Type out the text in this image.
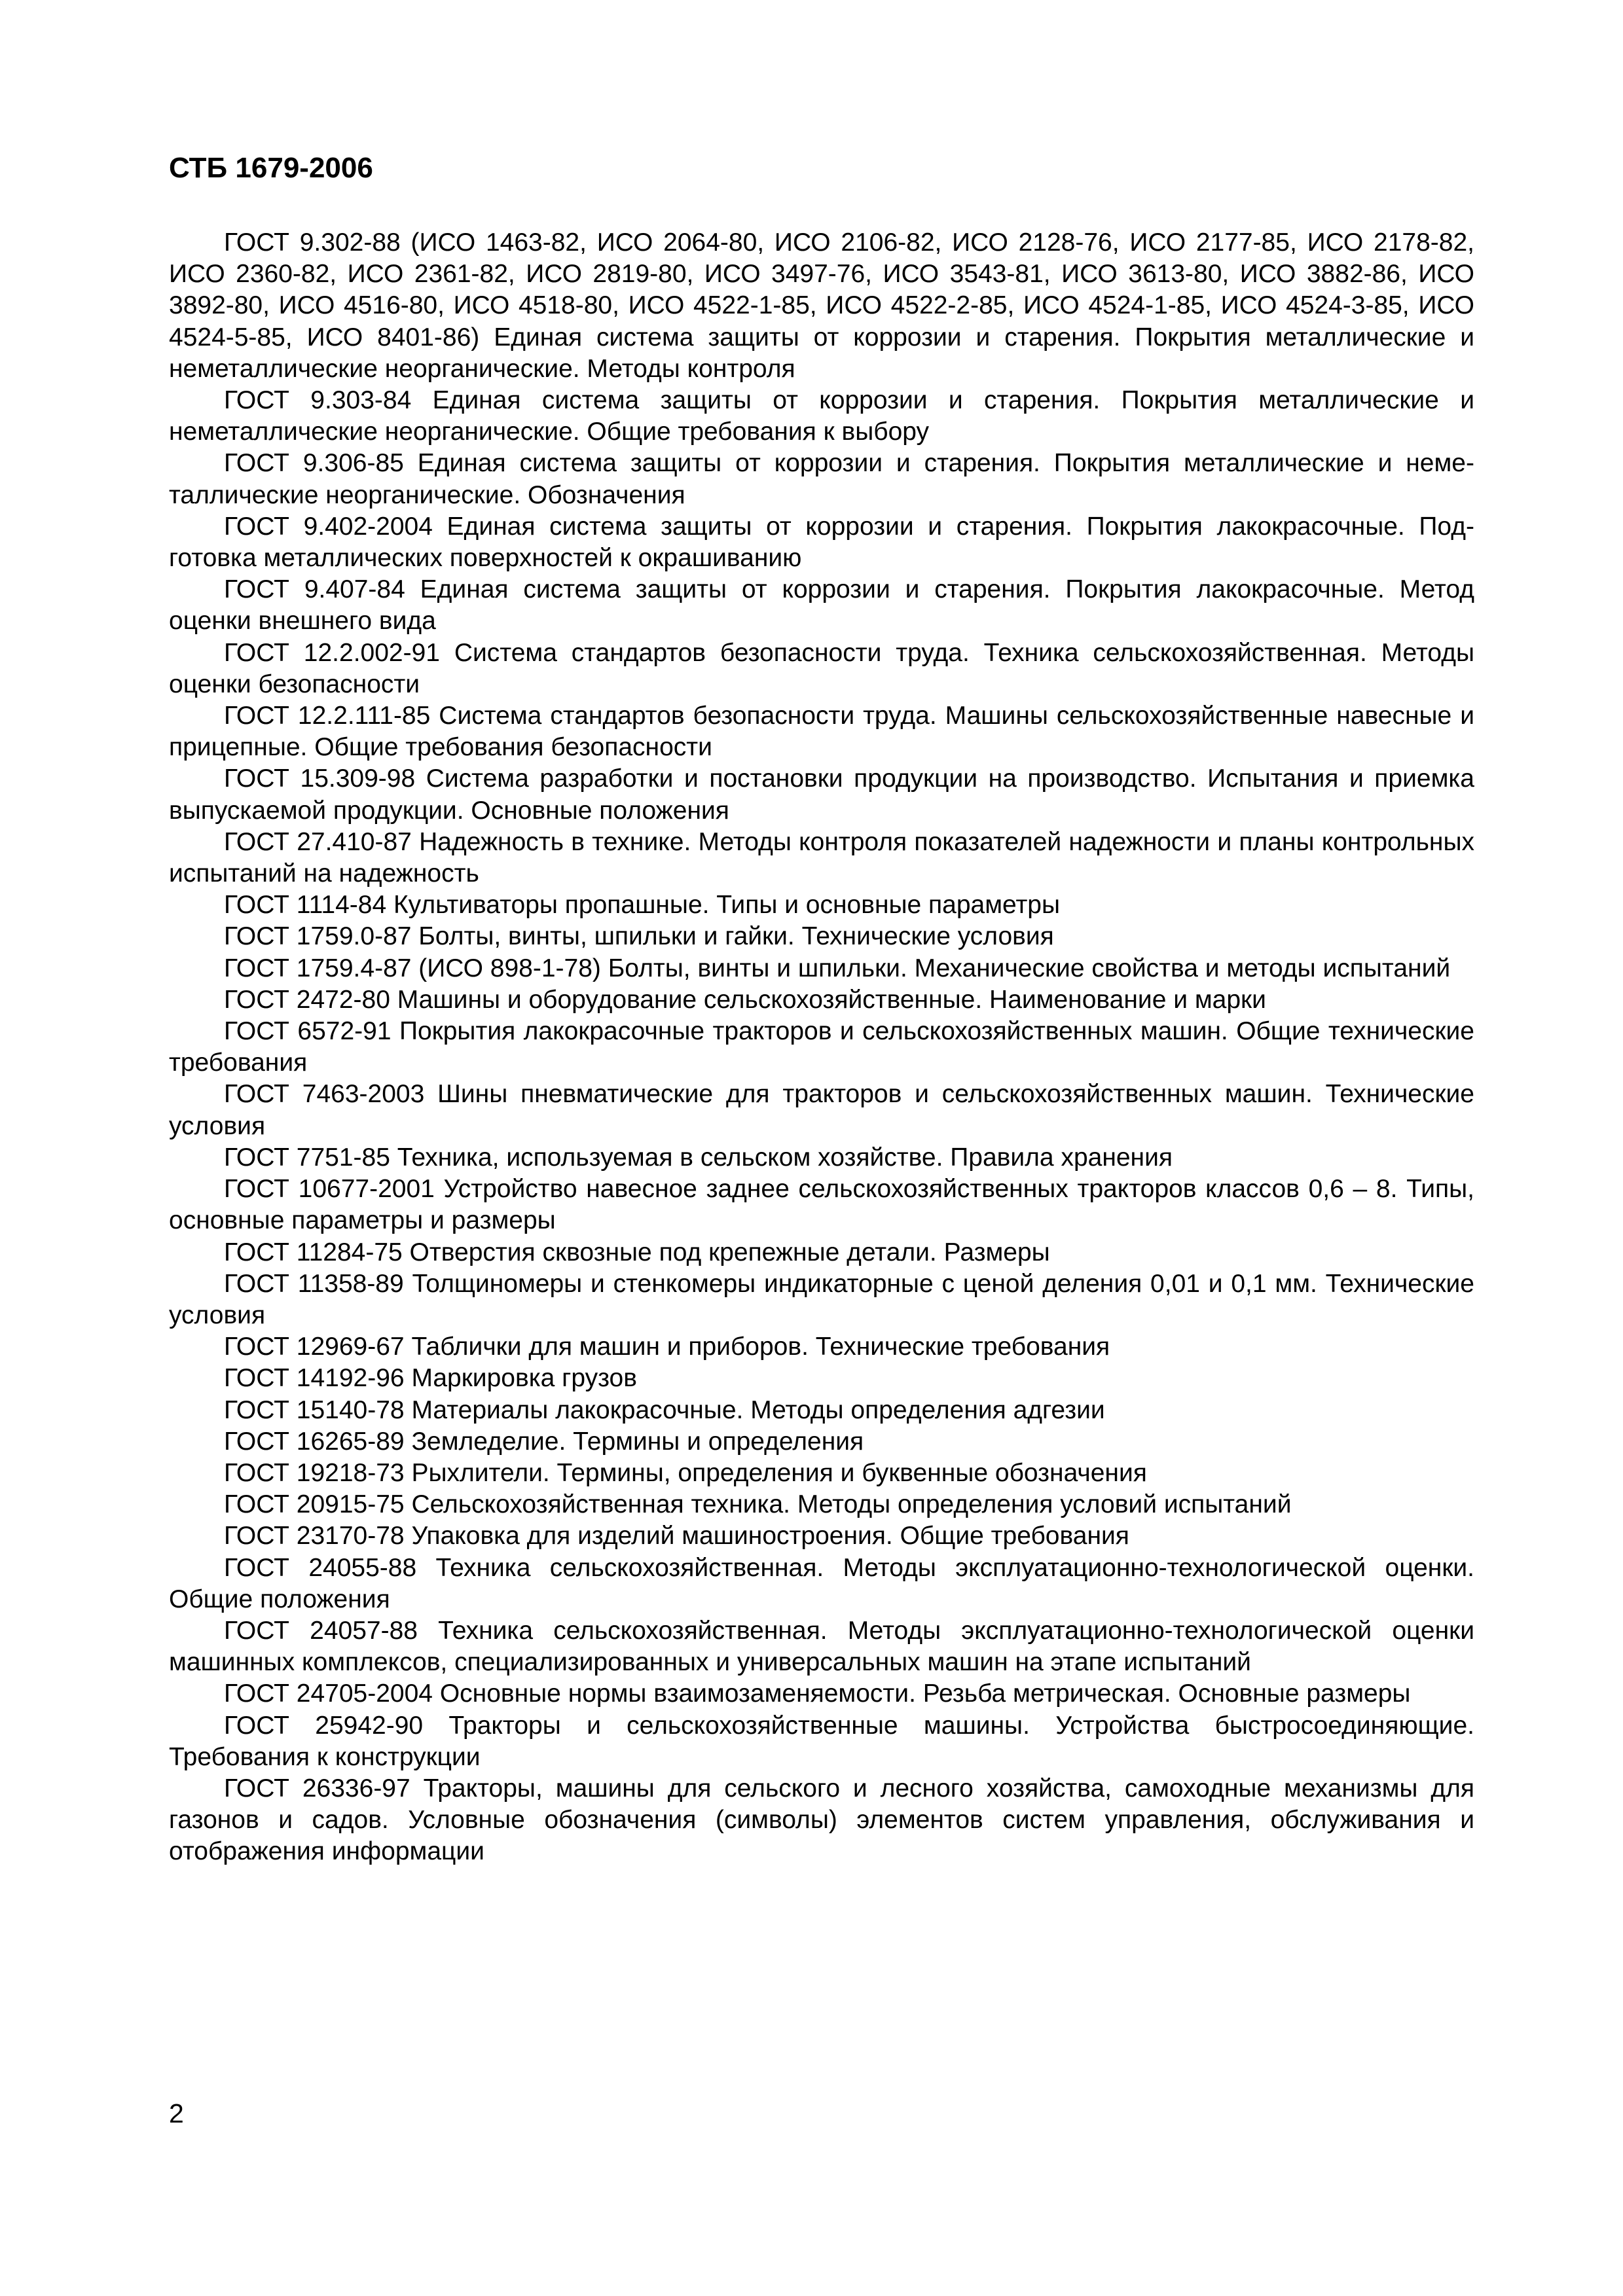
СТБ 1679-2006

ГОСТ 9.302-88 (ИСО 1463-82, ИСО 2064-80, ИСО 2106-82, ИСО 2128-76, ИСО 2177-85, ИСО 2178-82, ИСО 2360-82, ИСО 2361-82, ИСО 2819-80, ИСО 3497-76, ИСО 3543-81, ИСО 3613-80, ИСО 3882-86, ИСО 3892-80, ИСО 4516-80, ИСО 4518-80, ИСО 4522-1-85, ИСО 4522-2-85, ИСО 4524-1-85, ИСО 4524-3-85, ИСО 4524-5-85, ИСО 8401-86) Единая система защиты от коррозии и старения. Покрытия металлические и неметаллические неорганические. Методы контроля

ГОСТ 9.303-84 Единая система защиты от коррозии и старения. Покрытия металлические и неметаллические неорганические. Общие требования к выбору

ГОСТ 9.306-85 Единая система защиты от коррозии и старения. Покрытия металлические и неметаллические неорганические. Обозначения

ГОСТ 9.402-2004 Единая система защиты от коррозии и старения. Покрытия лакокрасочные. Подготовка металлических поверхностей к окрашиванию

ГОСТ 9.407-84 Единая система защиты от коррозии и старения. Покрытия лакокрасочные. Метод оценки внешнего вида

ГОСТ 12.2.002-91 Система стандартов безопасности труда. Техника сельскохозяйственная. Методы оценки безопасности

ГОСТ 12.2.111-85 Система стандартов безопасности труда. Машины сельскохозяйственные навесные и прицепные. Общие требования безопасности

ГОСТ 15.309-98 Система разработки и постановки продукции на производство. Испытания и приемка выпускаемой продукции. Основные положения

ГОСТ 27.410-87 Надежность в технике. Методы контроля показателей надежности и планы контрольных испытаний на надежность

ГОСТ 1114-84 Культиваторы пропашные. Типы и основные параметры

ГОСТ 1759.0-87 Болты, винты, шпильки и гайки. Технические условия

ГОСТ 1759.4-87 (ИСО 898-1-78) Болты, винты и шпильки. Механические свойства и методы испытаний

ГОСТ 2472-80 Машины и оборудование сельскохозяйственные. Наименование и марки

ГОСТ 6572-91 Покрытия лакокрасочные тракторов и сельскохозяйственных машин. Общие технические требования

ГОСТ 7463-2003 Шины пневматические для тракторов и сельскохозяйственных машин. Технические условия

ГОСТ 7751-85 Техника, используемая в сельском хозяйстве. Правила хранения

ГОСТ 10677-2001 Устройство навесное заднее сельскохозяйственных тракторов классов 0,6 – 8. Типы, основные параметры и размеры

ГОСТ 11284-75 Отверстия сквозные под крепежные детали. Размеры

ГОСТ 11358-89 Толщиномеры и стенкомеры индикаторные с ценой деления 0,01 и 0,1 мм. Технические условия

ГОСТ 12969-67 Таблички для машин и приборов. Технические требования

ГОСТ 14192-96 Маркировка грузов

ГОСТ 15140-78 Материалы лакокрасочные. Методы определения адгезии

ГОСТ 16265-89 Земледелие. Термины и определения

ГОСТ 19218-73 Рыхлители. Термины, определения и буквенные обозначения

ГОСТ 20915-75 Сельскохозяйственная техника. Методы определения условий испытаний

ГОСТ 23170-78 Упаковка для изделий машиностроения. Общие требования

ГОСТ 24055-88 Техника сельскохозяйственная. Методы эксплуатационно-технологической оценки. Общие положения

ГОСТ 24057-88 Техника сельскохозяйственная. Методы эксплуатационно-технологической оценки машинных комплексов, специализированных и универсальных машин на этапе испытаний

ГОСТ 24705-2004 Основные нормы взаимозаменяемости. Резьба метрическая. Основные размеры

ГОСТ 25942-90 Тракторы и сельскохозяйственные машины. Устройства быстросоединяющие. Требования к конструкции

ГОСТ 26336-97 Тракторы, машины для сельского и лесного хозяйства, самоходные механизмы для газонов и садов. Условные обозначения (символы) элементов систем управления, обслуживания и отображения информации

2
